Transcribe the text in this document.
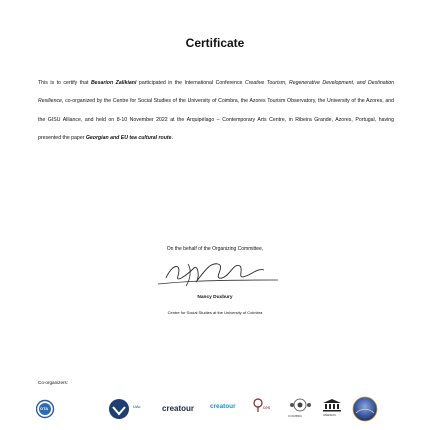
Certificate
This is to certify that Besarion Zalikiani participated in the International Conference Creative Tourism, Regenerative Development, and Destination Resilience, co-organized by the Centre for Social Studies of the University of Coimbra, the Azores Tourism Observatory, the University of the Azores, and the GISU Alliance, and held on 8-10 November 2022 at the Arquipélago – Contemporary Arts Centre, in Ribeira Grande, Azores, Portugal, having presented the paper Georgian and EU tea cultural route.
On the behalf of the Organizing Committee,
Nancy Duxbury
Centre for Social Studies at the University of Coimbra
Co-organizers:
OTA	UAc	creatour creatour	ces
COIMBRA	UNESCO
